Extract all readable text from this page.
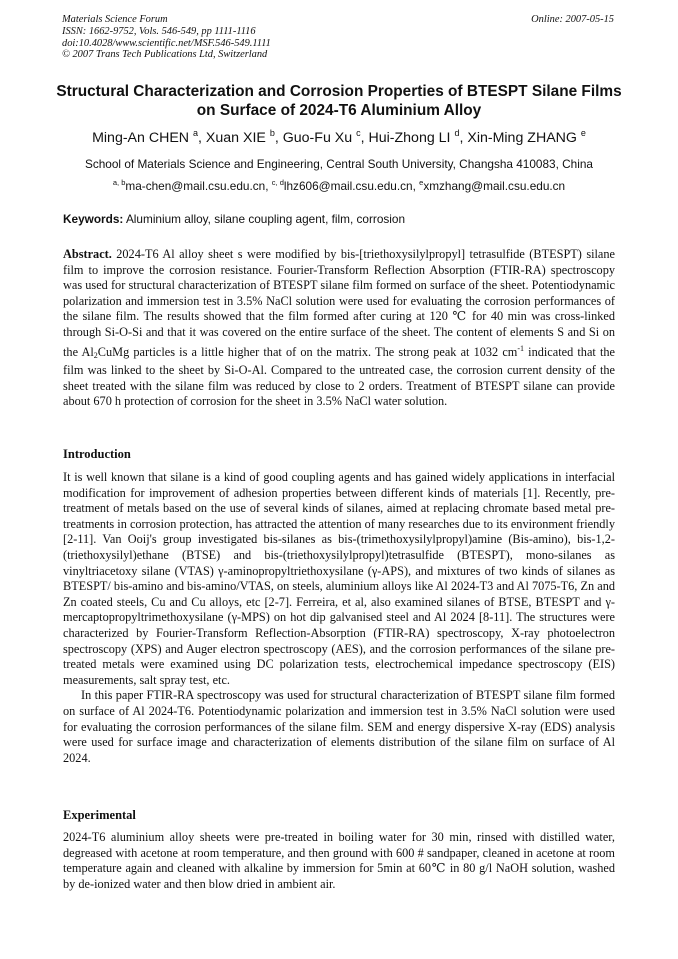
Materials Science Forum
ISSN: 1662-9752, Vols. 546-549, pp 1111-1116
doi:10.4028/www.scientific.net/MSF.546-549.1111
© 2007 Trans Tech Publications Ltd, Switzerland
Online: 2007-05-15
Structural Characterization and Corrosion Properties of BTESPT Silane Films on Surface of 2024-T6 Aluminium Alloy
Ming-An CHEN $^a$, Xuan XIE $^b$, Guo-Fu Xu $^c$, Hui-Zhong LI $^d$, Xin-Ming ZHANG $^e$
School of Materials Science and Engineering, Central South University, Changsha 410083, China
$^{a, b}$ma-chen@mail.csu.edu.cn, $^{c, d}$lhz606@mail.csu.edu.cn, $^e$xmzhang@mail.csu.edu.cn
Keywords: Aluminium alloy, silane coupling agent, film, corrosion
Abstract. 2024-T6 Al alloy sheet s were modified by bis-[triethoxysilylpropyl] tetrasulfide (BTESPT) silane film to improve the corrosion resistance. Fourier-Transform Reflection Absorption (FTIR-RA) spectroscopy was used for structural characterization of BTESPT silane film formed on surface of the sheet. Potentiodynamic polarization and immersion test in 3.5% NaCl solution were used for evaluating the corrosion performances of the silane film. The results showed that the film formed after curing at 120 ℃ for 40 min was cross-linked through Si-O-Si and that it was covered on the entire surface of the sheet. The content of elements S and Si on the $Al_2CuMg$ particles is a little higher that of on the matrix. The strong peak at 1032 $cm^{-1}$ indicated that the film was linked to the sheet by Si-O-Al. Compared to the untreated case, the corrosion current density of the sheet treated with the silane film was reduced by close to 2 orders. Treatment of BTESPT silane can provide about 670 h protection of corrosion for the sheet in 3.5% NaCl water solution.
Introduction

It is well known that silane is a kind of good coupling agents and has gained widely applications in interfacial modification for improvement of adhesion properties between different kinds of materials [1]. Recently, pre-treatment of metals based on the use of several kinds of silanes, aimed at replacing chromate based metal pre-treatments in corrosion protection, has attracted the attention of many researches due to its environment friendly [2-11]. Van Ooij's group investigated bis-silanes as bis-(trimethoxysilylpropyl)amine (Bis-amino), bis-1,2-(triethoxysilyl)ethane (BTSE) and bis-(triethoxysilylpropyl)tetrasulfide (BTESPT), mono-silanes as vinyltriacetoxy silane (VTAS) γ-aminopropyltriethoxysilane (γ-APS), and mixtures of two kinds of silanes as BTESPT/ bis-amino and bis-amino/VTAS, on steels, aluminium alloys like Al 2024-T3 and Al 7075-T6, Zn and Zn coated steels, Cu and Cu alloys, etc [2-7]. Ferreira, et al, also examined silanes of BTSE, BTESPT and γ-mercaptopropyltrimethoxysilane (γ-MPS) on hot dip galvanised steel and Al 2024 [8-11]. The structures were characterized by Fourier-Transform Reflection-Absorption (FTIR-RA) spectroscopy, X-ray photoelectron spectroscopy (XPS) and Auger electron spectroscopy (AES), and the corrosion performances of the silane pre-treated metals were examined using DC polarization tests, electrochemical impedance spectroscopy (EIS) measurements, salt spray test, etc.

In this paper FTIR-RA spectroscopy was used for structural characterization of BTESPT silane film formed on surface of Al 2024-T6. Potentiodynamic polarization and immersion test in 3.5% NaCl solution were used for evaluating the corrosion performances of the silane film. SEM and energy dispersive X-ray (EDS) analysis were used for surface image and characterization of elements distribution of the silane film on surface of Al 2024.

Experimental

2024-T6 aluminium alloy sheets were pre-treated in boiling water for 30 min, rinsed with distilled water, degreased with acetone at room temperature, and then ground with 600 # sandpaper, cleaned in acetone at room temperature again and cleaned with alkaline by immersion for 5min at 60℃ in 80 g/l NaOH solution, washed by de-ionized water and then blow dried in ambient air.
